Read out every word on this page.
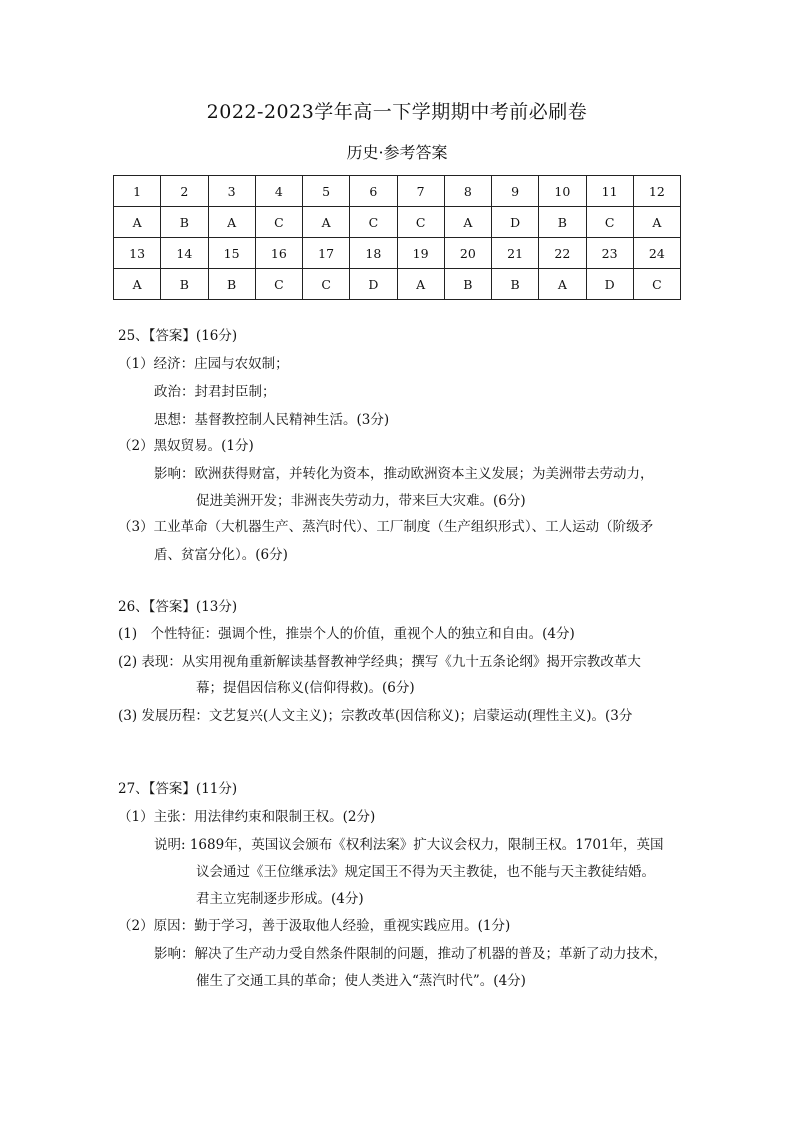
2022-2023学年高一下学期期中考前必刷卷
历史·参考答案
1	2	3	4	5	6	7	8	9	10	11	12
A	B	A	C	A	C	C	A	D	B	C	A
13	14	15	16	17	18	19	20	21	22	23	24
A	B	B	C	C	D	A	B	B	A	D	C
25、【答案】(16分)
（1）经济：庄园与农奴制；
政治：封君封臣制；
思想：基督教控制人民精神生活。(3分)
（2）黑奴贸易。(1分)
影响：欧洲获得财富，并转化为资本，推动欧洲资本主义发展；为美洲带去劳动力，
促进美洲开发；非洲丧失劳动力，带来巨大灾难。(6分)
（3）工业革命（大机器生产、蒸汽时代）、工厂制度（生产组织形式）、工人运动（阶级矛
盾、贫富分化）。(6分)
26、【答案】(13分)
(1)　个性特征：强调个性，推崇个人的价值，重视个人的独立和自由。(4分)
(2) 表现：从实用视角重新解读基督教神学经典；撰写《九十五条论纲》揭开宗教改革大
幕；提倡因信称义(信仰得救)。(6分)
(3) 发展历程：文艺复兴(人文主义)；宗教改革(因信称义)；启蒙运动(理性主义)。(3分
27、【答案】(11分)
（1）主张：用法律约束和限制王权。(2分)
说明: 1689年，英国议会颁布《权利法案》扩大议会权力，限制王权。1701年，英国
议会通过《王位继承法》规定国王不得为天主教徒，也不能与天主教徒结婚。
君主立宪制逐步形成。(4分)
（2）原因：勤于学习，善于汲取他人经验，重视实践应用。(1分)
影响：解决了生产动力受自然条件限制的问题，推动了机器的普及；革新了动力技术，
催生了交通工具的革命；使人类进入“蒸汽时代”。(4分)
